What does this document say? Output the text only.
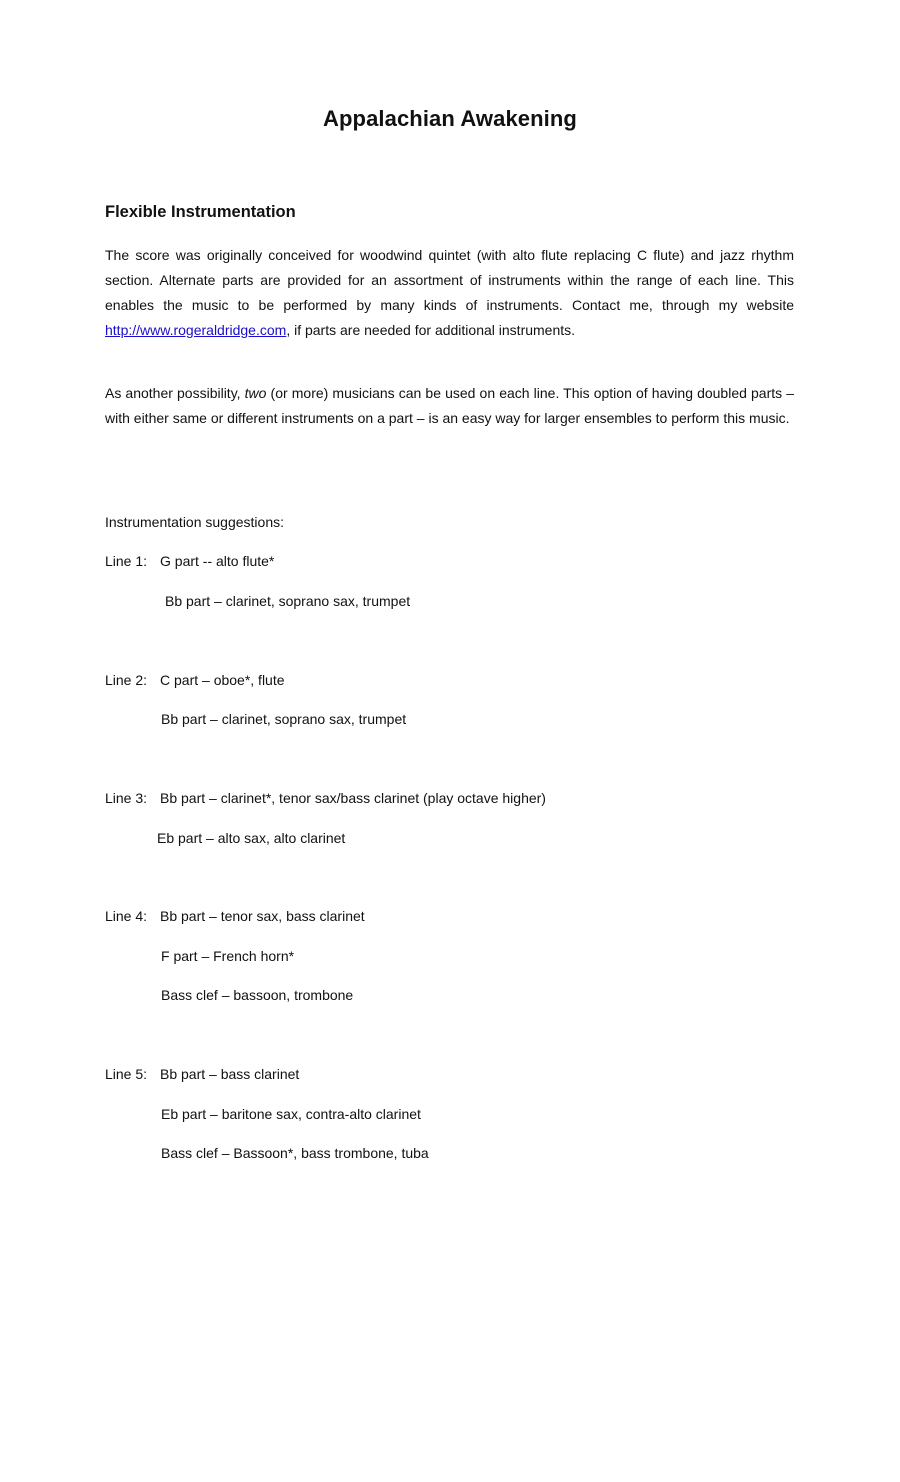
Appalachian Awakening
Flexible Instrumentation
The score was originally conceived for woodwind quintet (with alto flute replacing C flute) and jazz rhythm section. Alternate parts are provided for an assortment of instruments within the range of each line. This enables the music to be performed by many kinds of instruments. Contact me, through my website http://www.rogeraldridge.com, if parts are needed for additional instruments.
As another possibility, two (or more) musicians can be used on each line. This option of having doubled parts – with either same or different instruments on a part – is an easy way for larger ensembles to perform this music.
Instrumentation suggestions:
Line 1: G part -- alto flute*
Bb part – clarinet, soprano sax, trumpet
Line 2: C part – oboe*, flute
Bb part – clarinet, soprano sax, trumpet
Line 3: Bb part – clarinet*, tenor sax/bass clarinet (play octave higher)
Eb part – alto sax, alto clarinet
Line 4: Bb part – tenor sax, bass clarinet
F part – French horn*
Bass clef – bassoon, trombone
Line 5: Bb part – bass clarinet
Eb part – baritone sax, contra-alto clarinet
Bass clef – Bassoon*, bass trombone, tuba
